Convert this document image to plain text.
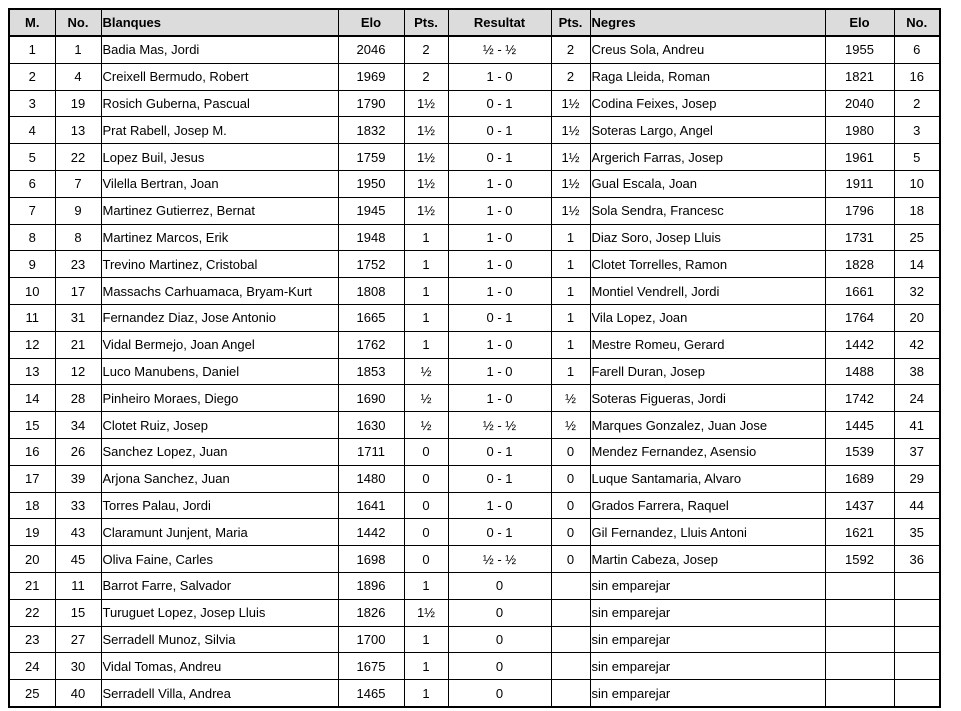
M.	No.	Blanques	Elo	Pts.	Resultat	Pts.	Negres	Elo	No.
1	1	Badia Mas, Jordi	2046	2	½ - ½	2	Creus Sola, Andreu	1955	6
2	4	Creixell Bermudo, Robert	1969	2	1 - 0	2	Raga Lleida, Roman	1821	16
3	19	Rosich Guberna, Pascual	1790	1½	0 - 1	1½	Codina Feixes, Josep	2040	2
4	13	Prat Rabell, Josep M.	1832	1½	0 - 1	1½	Soteras Largo, Angel	1980	3
5	22	Lopez Buil, Jesus	1759	1½	0 - 1	1½	Argerich Farras, Josep	1961	5
6	7	Vilella Bertran, Joan	1950	1½	1 - 0	1½	Gual Escala, Joan	1911	10
7	9	Martinez Gutierrez, Bernat	1945	1½	1 - 0	1½	Sola Sendra, Francesc	1796	18
8	8	Martinez Marcos, Erik	1948	1	1 - 0	1	Diaz Soro, Josep Lluis	1731	25
9	23	Trevino Martinez, Cristobal	1752	1	1 - 0	1	Clotet Torrelles, Ramon	1828	14
10	17	Massachs Carhuamaca, Bryam-Kurt	1808	1	1 - 0	1	Montiel Vendrell, Jordi	1661	32
11	31	Fernandez Diaz, Jose Antonio	1665	1	0 - 1	1	Vila Lopez, Joan	1764	20
12	21	Vidal Bermejo, Joan Angel	1762	1	1 - 0	1	Mestre Romeu, Gerard	1442	42
13	12	Luco Manubens, Daniel	1853	½	1 - 0	1	Farell Duran, Josep	1488	38
14	28	Pinheiro Moraes, Diego	1690	½	1 - 0	½	Soteras Figueras, Jordi	1742	24
15	34	Clotet Ruiz, Josep	1630	½	½ - ½	½	Marques Gonzalez, Juan Jose	1445	41
16	26	Sanchez Lopez, Juan	1711	0	0 - 1	0	Mendez Fernandez, Asensio	1539	37
17	39	Arjona Sanchez, Juan	1480	0	0 - 1	0	Luque Santamaria, Alvaro	1689	29
18	33	Torres Palau, Jordi	1641	0	1 - 0	0	Grados Farrera, Raquel	1437	44
19	43	Claramunt Junjent, Maria	1442	0	0 - 1	0	Gil Fernandez, Lluis Antoni	1621	35
20	45	Oliva Faine, Carles	1698	0	½ - ½	0	Martin Cabeza, Josep	1592	36
21	11	Barrot Farre, Salvador	1896	1	0		sin emparejar		
22	15	Turuguet Lopez, Josep Lluis	1826	1½	0		sin emparejar		
23	27	Serradell Munoz, Silvia	1700	1	0		sin emparejar		
24	30	Vidal Tomas, Andreu	1675	1	0		sin emparejar		
25	40	Serradell Villa, Andrea	1465	1	0		sin emparejar		
